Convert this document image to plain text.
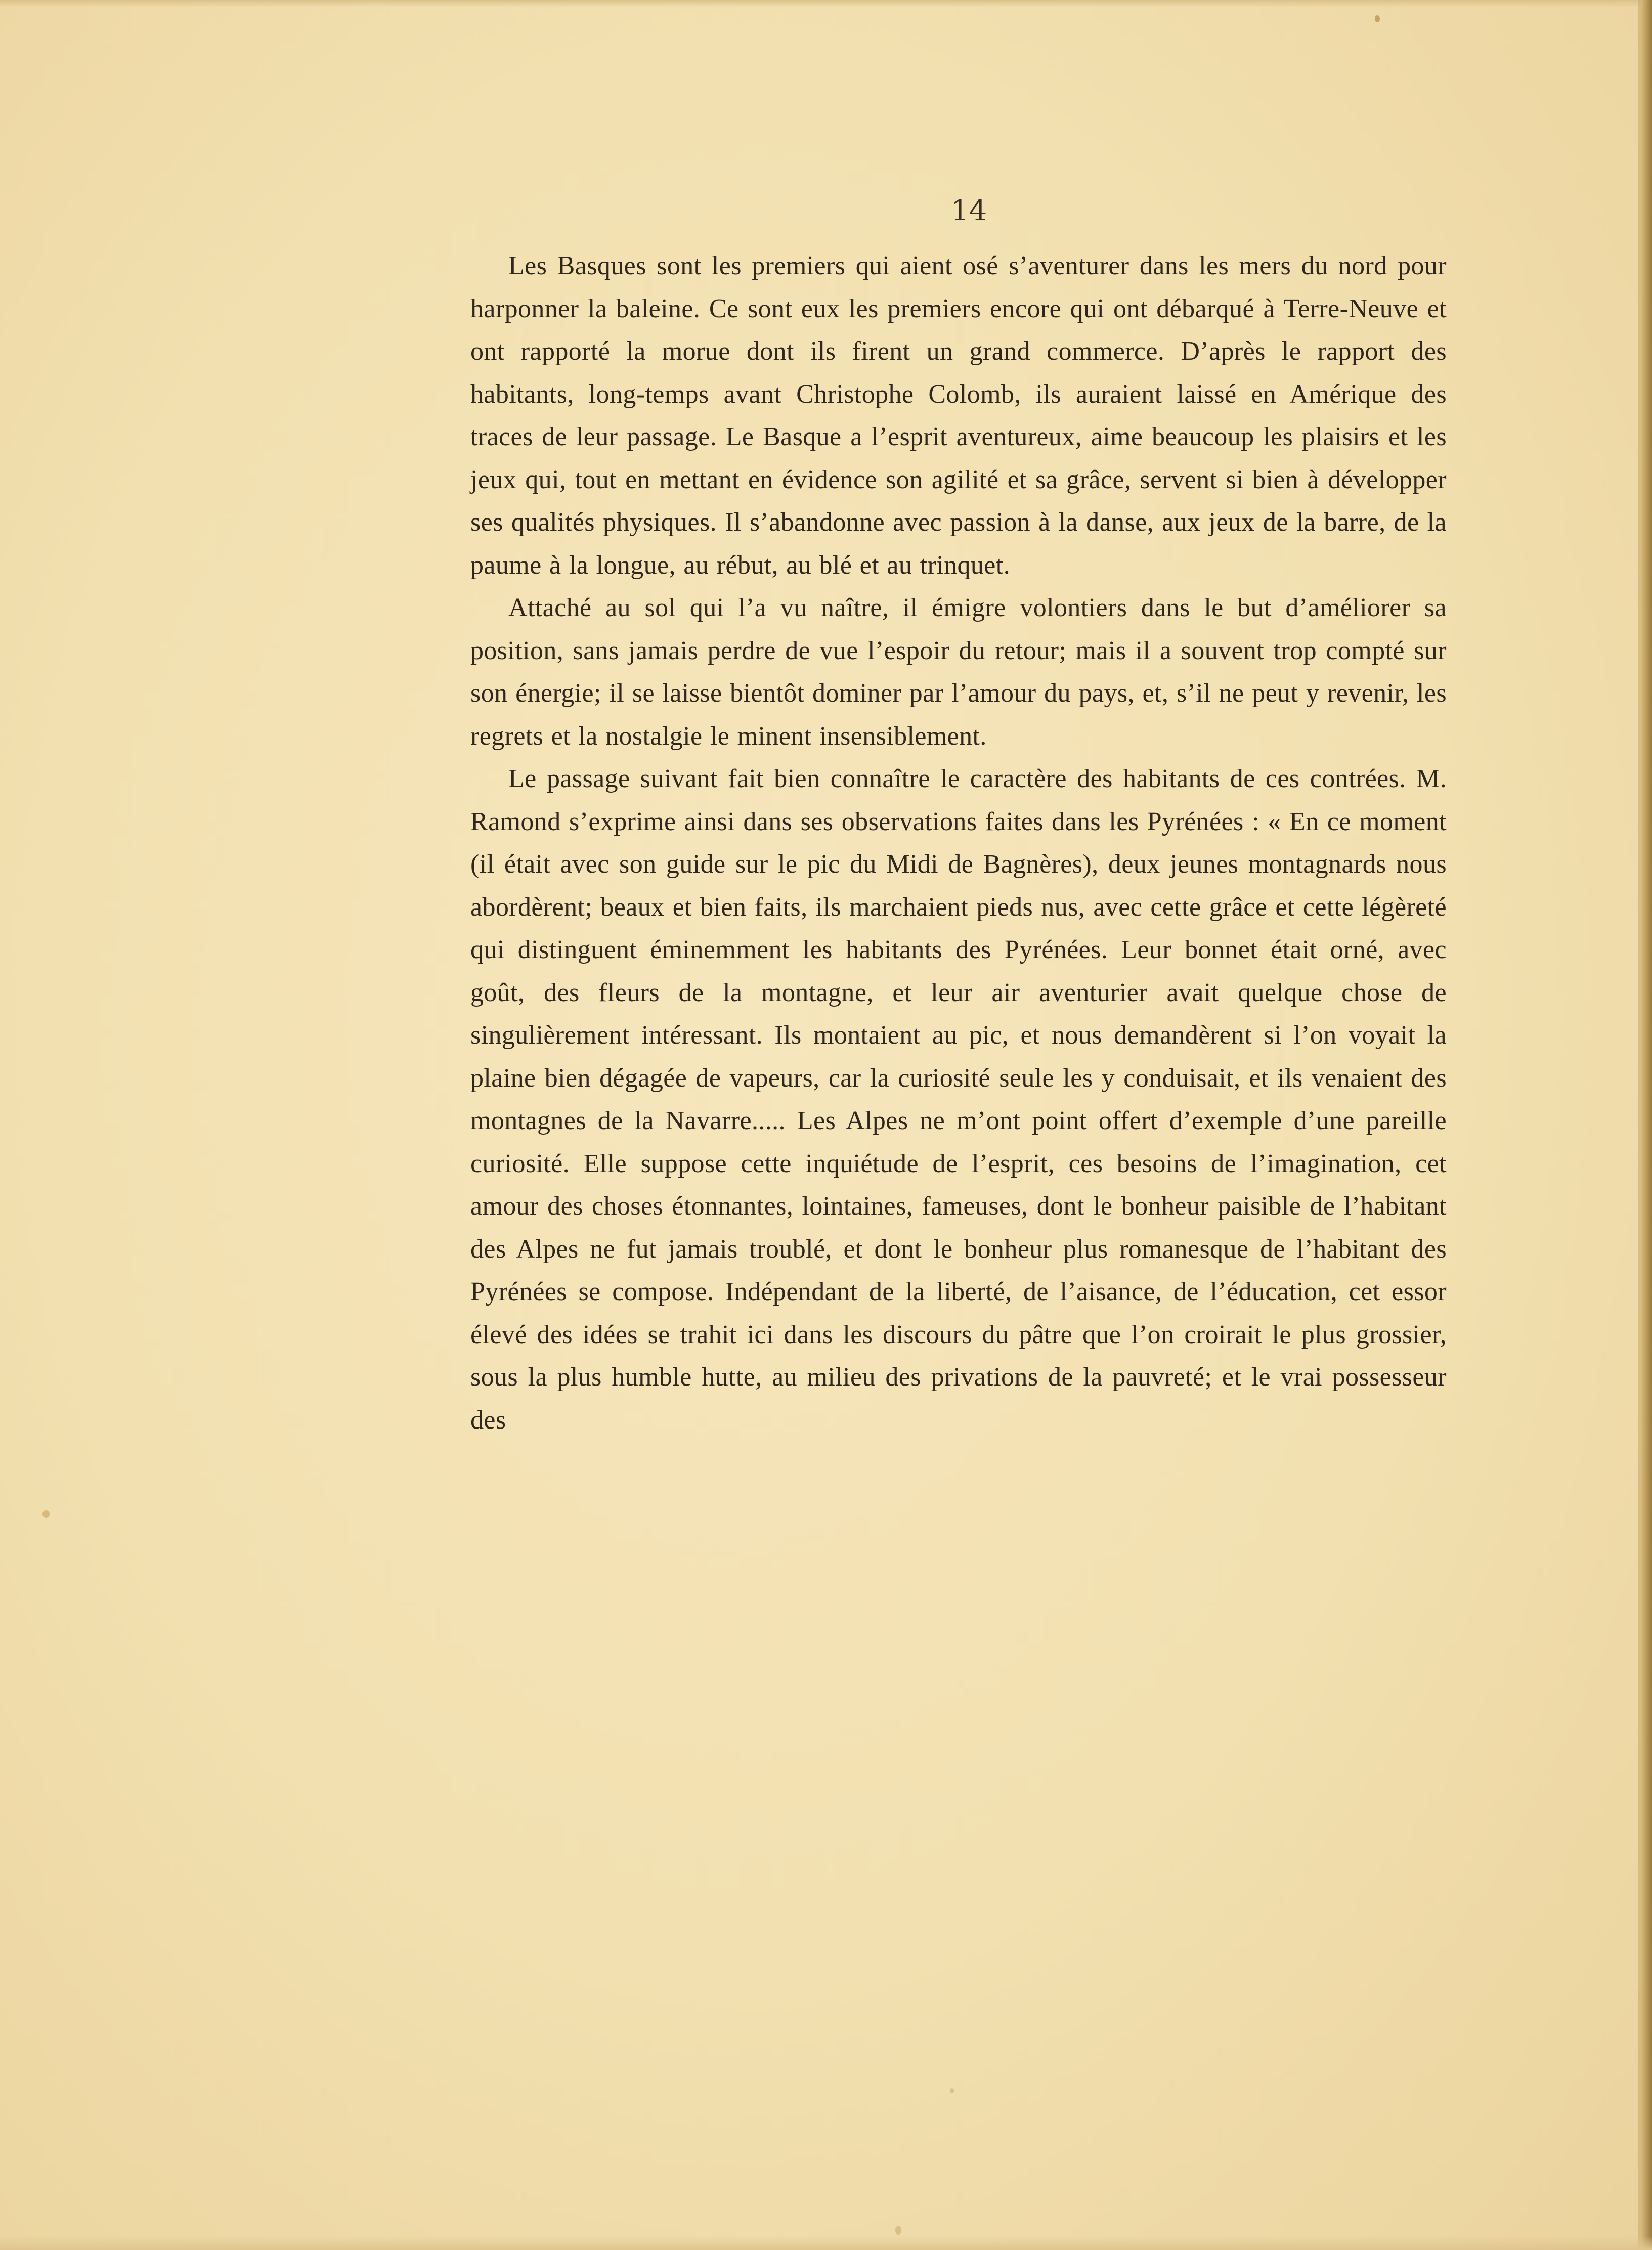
14

Les Basques sont les premiers qui aient osé s’aventurer dans les mers du nord pour harponner la baleine. Ce sont eux les premiers encore qui ont débarqué à Terre-Neuve et ont rapporté la morue dont ils firent un grand commerce. D’après le rapport des habitants, long-temps avant Christophe Colomb, ils auraient laissé en Amérique des traces de leur passage. Le Basque a l’esprit aventureux, aime beaucoup les plaisirs et les jeux qui, tout en mettant en évidence son agilité et sa grâce, servent si bien à développer ses qualités physiques. Il s’abandonne avec passion à la danse, aux jeux de la barre, de la paume à la longue, au rébut, au blé et au trinquet.

Attaché au sol qui l’a vu naître, il émigre volontiers dans le but d’améliorer sa position, sans jamais perdre de vue l’espoir du retour; mais il a souvent trop compté sur son énergie; il se laisse bientôt dominer par l’amour du pays, et, s’il ne peut y revenir, les regrets et la nostalgie le minent insensiblement.

Le passage suivant fait bien connaître le caractère des habitants de ces contrées. M. Ramond s’exprime ainsi dans ses observations faites dans les Pyrénées : « En ce moment (il était avec son guide sur le pic du Midi de Bagnères), deux jeunes montagnards nous abordèrent; beaux et bien faits, ils marchaient pieds nus, avec cette grâce et cette légèreté qui distinguent éminemment les habitants des Pyrénées. Leur bonnet était orné, avec goût, des fleurs de la montagne, et leur air aventurier avait quelque chose de singulièrement intéressant. Ils montaient au pic, et nous demandèrent si l’on voyait la plaine bien dégagée de vapeurs, car la curiosité seule les y conduisait, et ils venaient des montagnes de la Navarre..... Les Alpes ne m’ont point offert d’exemple d’une pareille curiosité. Elle suppose cette inquiétude de l’esprit, ces besoins de l’imagination, cet amour des choses étonnantes, lointaines, fameuses, dont le bonheur paisible de l’habitant des Alpes ne fut jamais troublé, et dont le bonheur plus romanesque de l’habitant des Pyrénées se compose. Indépendant de la liberté, de l’aisance, de l’éducation, cet essor élevé des idées se trahit ici dans les discours du pâtre que l’on croirait le plus grossier, sous la plus humble hutte, au milieu des privations de la pauvreté; et le vrai possesseur des
